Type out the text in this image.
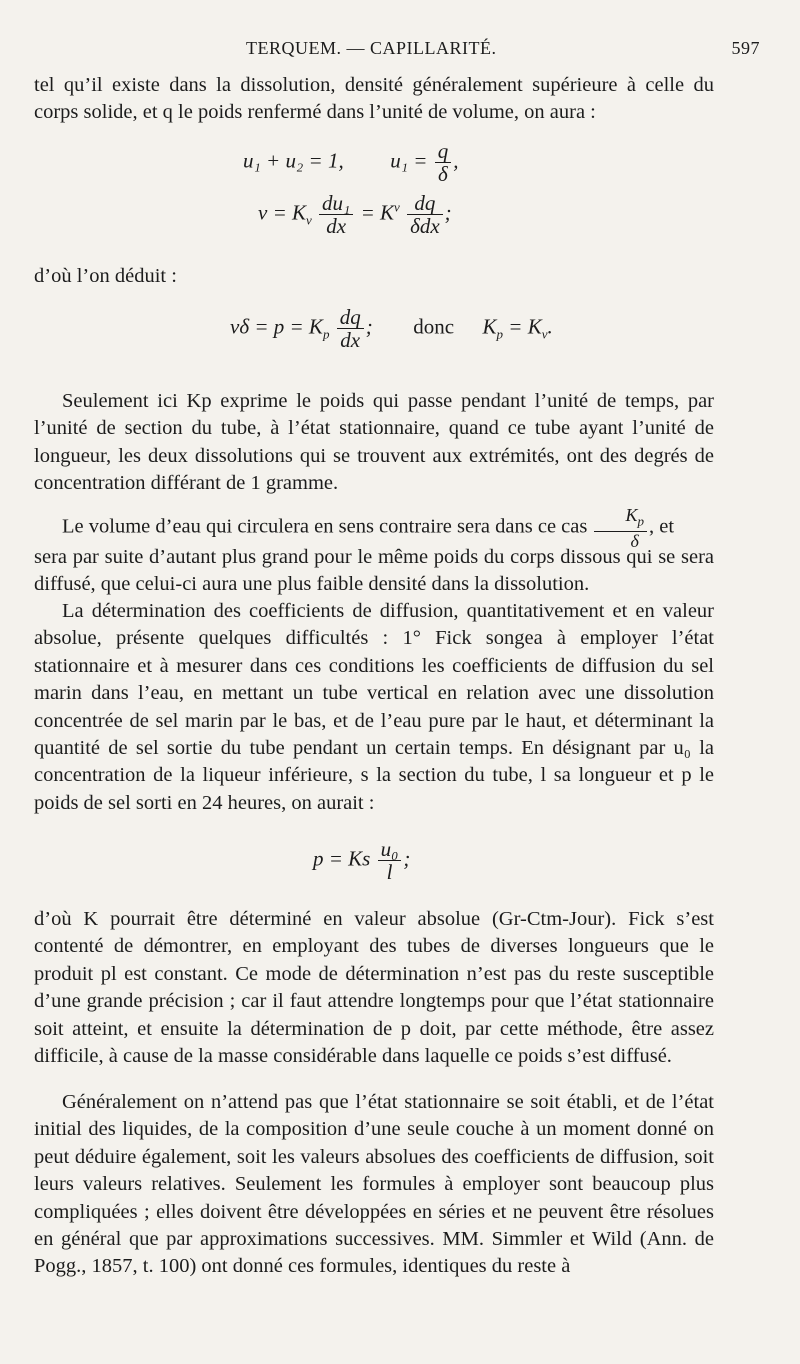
TERQUEM. — CAPILLARITÉ.	597

tel qu’il existe dans la dissolution, densité généralement supérieure à celle du corps solide, et q le poids renfermé dans l’unité de volume, on aura :

u₁ + u₂ = 1, $u_1 = \frac{q}{\delta}$ ,
$v = K_v \frac{\text{du₁}}{dx} = K^v \frac{dq}{\text{δdx}}$ ;

d’où l’on déduit :

$v\delta = p = K_p \frac{dq}{dx}$ ; donc $K_p = K_v$.

Seulement ici Kp exprime le poids qui passe pendant l’unité de temps, par l’unité de section du tube, à l’état stationnaire, quand ce tube ayant l’unité de longueur, les deux dissolutions qui se trouvent aux extrémités, ont des degrés de concentration différant de 1 gramme.

Le volume d’eau qui circulera en sens contraire sera dans ce cas $\frac{K_p}{\delta}$ , et

sera par suite d’autant plus grand pour le même poids du corps dissous qui se sera diffusé, que celui-ci aura une plus faible densité dans la dissolution.

La détermination des coefficients de diffusion, quantitativement et en valeur absolue, présente quelques difficultés : 1° Fick songea à employer l’état stationnaire et à mesurer dans ces conditions les coefficients de diffusion du sel marin dans l’eau, en mettant un tube vertical en relation avec une dissolution concentrée de sel marin par le bas, et de l’eau pure par le haut, et déterminant la quantité de sel sortie du tube pendant un certain temps. En désignant par u₀ la concentration de la liqueur inférieure, s la section du tube, l sa longueur et p le poids de sel sorti en 24 heures, on aurait :

p = Ks $\frac{\text{u₀}}{l}$ ;

d’où K pourrait être déterminé en valeur absolue (Gr-Ctm-Jour). Fick s’est contenté de démontrer, en employant des tubes de diverses longueurs que le produit pl est constant. Ce mode de détermination n’est pas du reste susceptible d’une grande précision ; car il faut attendre longtemps pour que l’état stationnaire soit atteint, et ensuite la détermination de p doit, par cette méthode, être assez difficile, à cause de la masse considérable dans laquelle ce poids s’est diffusé.

Généralement on n’attend pas que l’état stationnaire se soit établi, et de l’état initial des liquides, de la composition d’une seule couche à un moment donné on peut déduire également, soit les valeurs absolues des coefficients de diffusion, soit leurs valeurs relatives. Seulement les formules à employer sont beaucoup plus compliquées ; elles doivent être développées en séries et ne peuvent être résolues en général que par approximations successives. MM. Simmler et Wild (Ann. de Pogg., 1857, t. 100) ont donné ces formules, identiques du reste à
